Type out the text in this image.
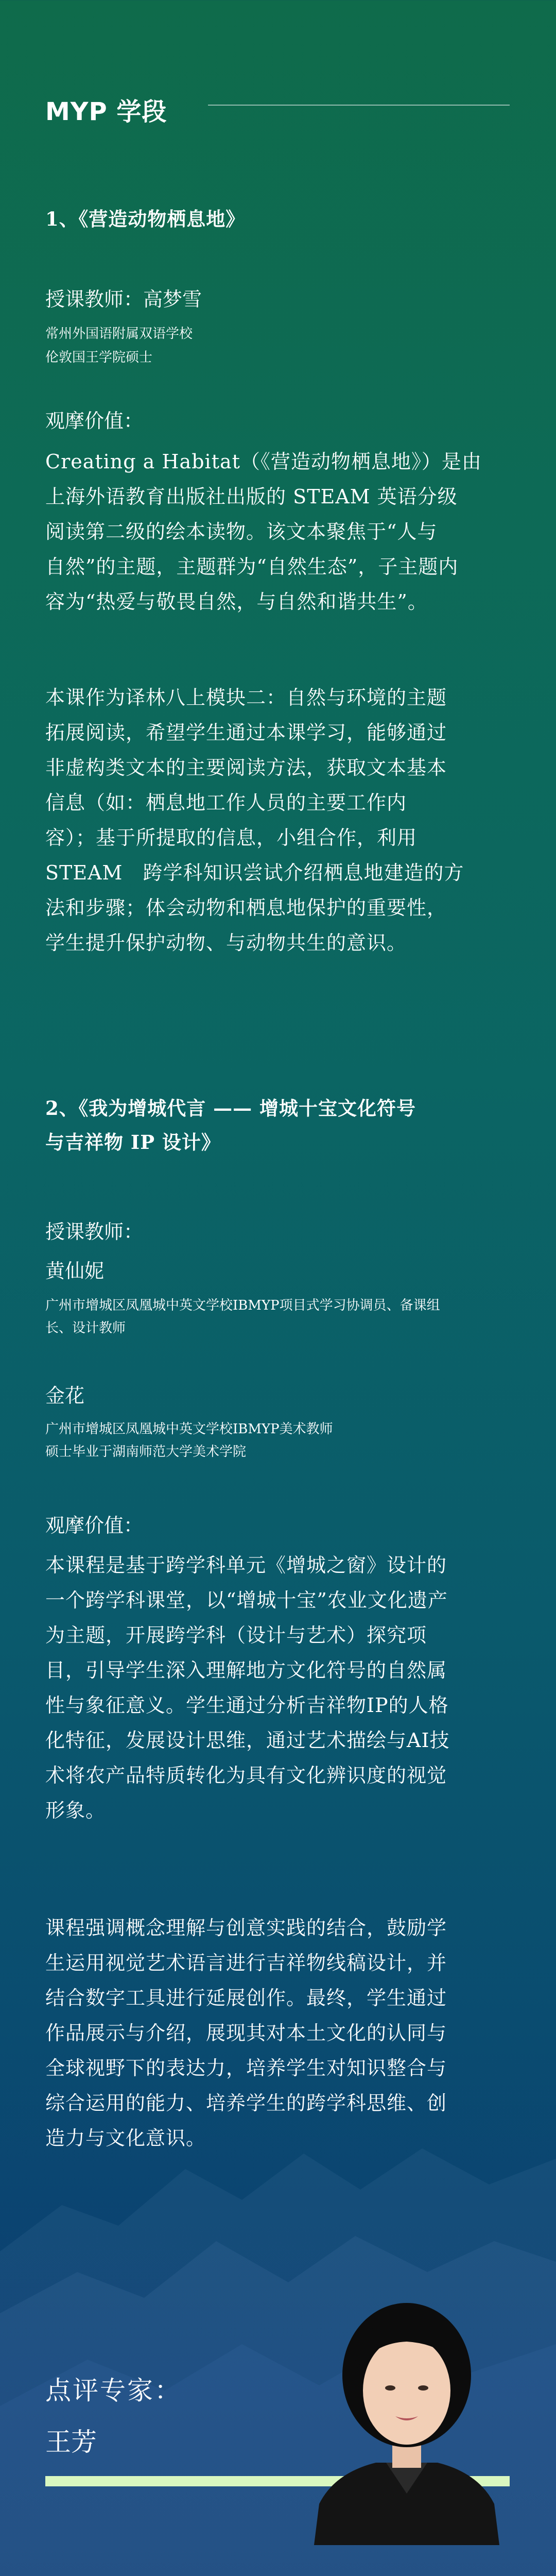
MYP 学段
1、《营造动物栖息地》
授课教师：高梦雪
常州外国语附属双语学校
伦敦国王学院硕士
观摩价值：
Creating a Habitat（《营造动物栖息地》）是由
上海外语教育出版社出版的 STEAM 英语分级
阅读第二级的绘本读物。该文本聚焦于“人与
自然”的主题，主题群为“自然生态”，子主题内
容为“热爱与敬畏自然，与自然和谐共生”。
本课作为译林八上模块二：自然与环境的主题
拓展阅读，希望学生通过本课学习，能够通过
非虚构类文本的主要阅读方法，获取文本基本
信息（如：栖息地工作人员的主要工作内
容）；基于所提取的信息，小组合作，利用
STEAM　跨学科知识尝试介绍栖息地建造的方
法和步骤；体会动物和栖息地保护的重要性，
学生提升保护动物、与动物共生的意识。
2、《我为增城代言 —— 增城十宝文化符号
与吉祥物 IP 设计》
授课教师：
黄仙妮
广州市增城区凤凰城中英文学校IBMYP项目式学习协调员、备课组
长、设计教师
金花
广州市增城区凤凰城中英文学校IBMYP美术教师
硕士毕业于湖南师范大学美术学院
观摩价值：
本课程是基于跨学科单元《增城之窗》设计的
一个跨学科课堂，以“增城十宝”农业文化遗产
为主题，开展跨学科（设计与艺术）探究项
目，引导学生深入理解地方文化符号的自然属
性与象征意义。学生通过分析吉祥物IP的人格
化特征，发展设计思维，通过艺术描绘与AI技
术将农产品特质转化为具有文化辨识度的视觉
形象。
课程强调概念理解与创意实践的结合，鼓励学
生运用视觉艺术语言进行吉祥物线稿设计，并
结合数字工具进行延展创作。最终，学生通过
作品展示与介绍，展现其对本土文化的认同与
全球视野下的表达力，培养学生对知识整合与
综合运用的能力、培养学生的跨学科思维、创
造力与文化意识。
点评专家：
王芳
